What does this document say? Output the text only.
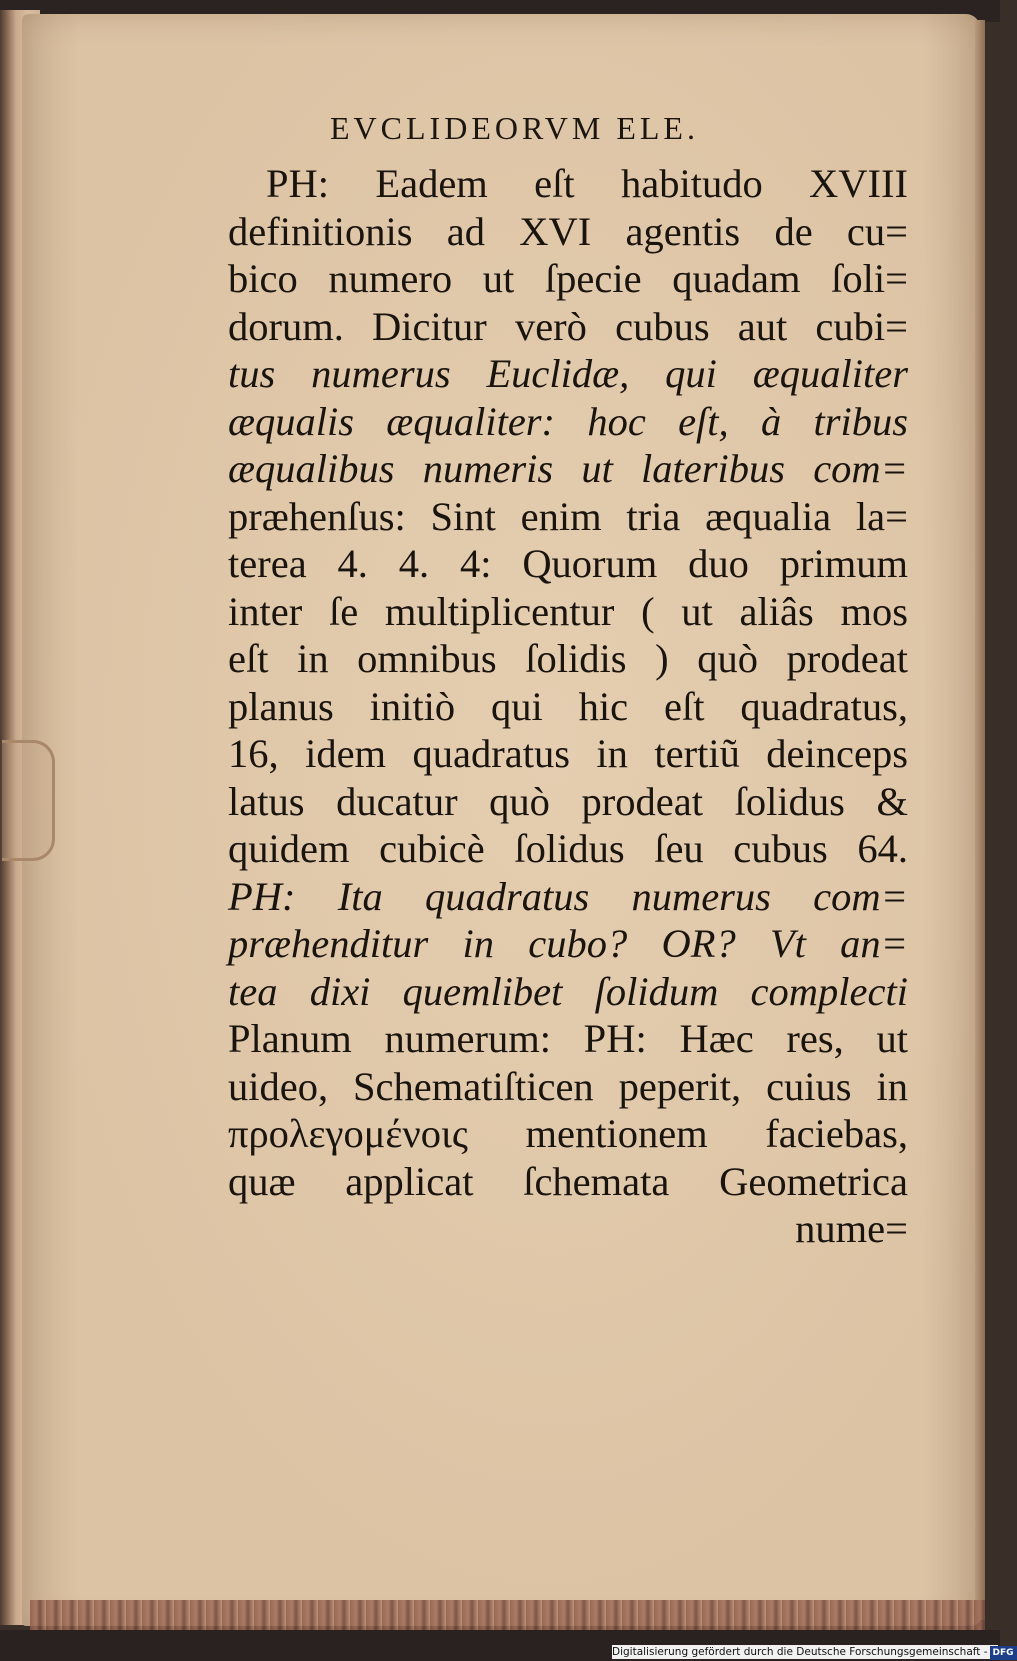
EVCLIDEORVM ELE.
PH: Eadem eſt habitudo XVIII
definitionis ad XVI agentis de cu=
bico numero ut ſpecie quadam ſoli=
dorum. Dicitur verò cubus aut cubi=
tus numerus Euclidæ, qui æqualiter
æqualis æqualiter: hoc eſt, à tribus
æqualibus numeris ut lateribus com=
præhenſus: Sint enim tria æqualia la=
terea 4. 4. 4: Quorum duo primum
inter ſe multiplicentur ( ut aliâs mos
eſt in omnibus ſolidis ) quò prodeat
planus initiò qui hic eſt quadratus,
16, idem quadratus in tertiũ deinceps
latus ducatur quò prodeat ſolidus &
quidem cubicè ſolidus ſeu cubus 64.
PH: Ita quadratus numerus com=
præhenditur in cubo? OR? Vt an=
tea dixi quemlibet ſolidum complecti
Planum numerum: PH: Hæc res, ut
uideo, Schematiſticen peperit, cuius in
προλεγομένοις mentionem faciebas,
quæ applicat ſchemata Geometrica
nume=
Digitalisierung gefördert durch die Deutsche Forschungsgemeinschaft - DFG
